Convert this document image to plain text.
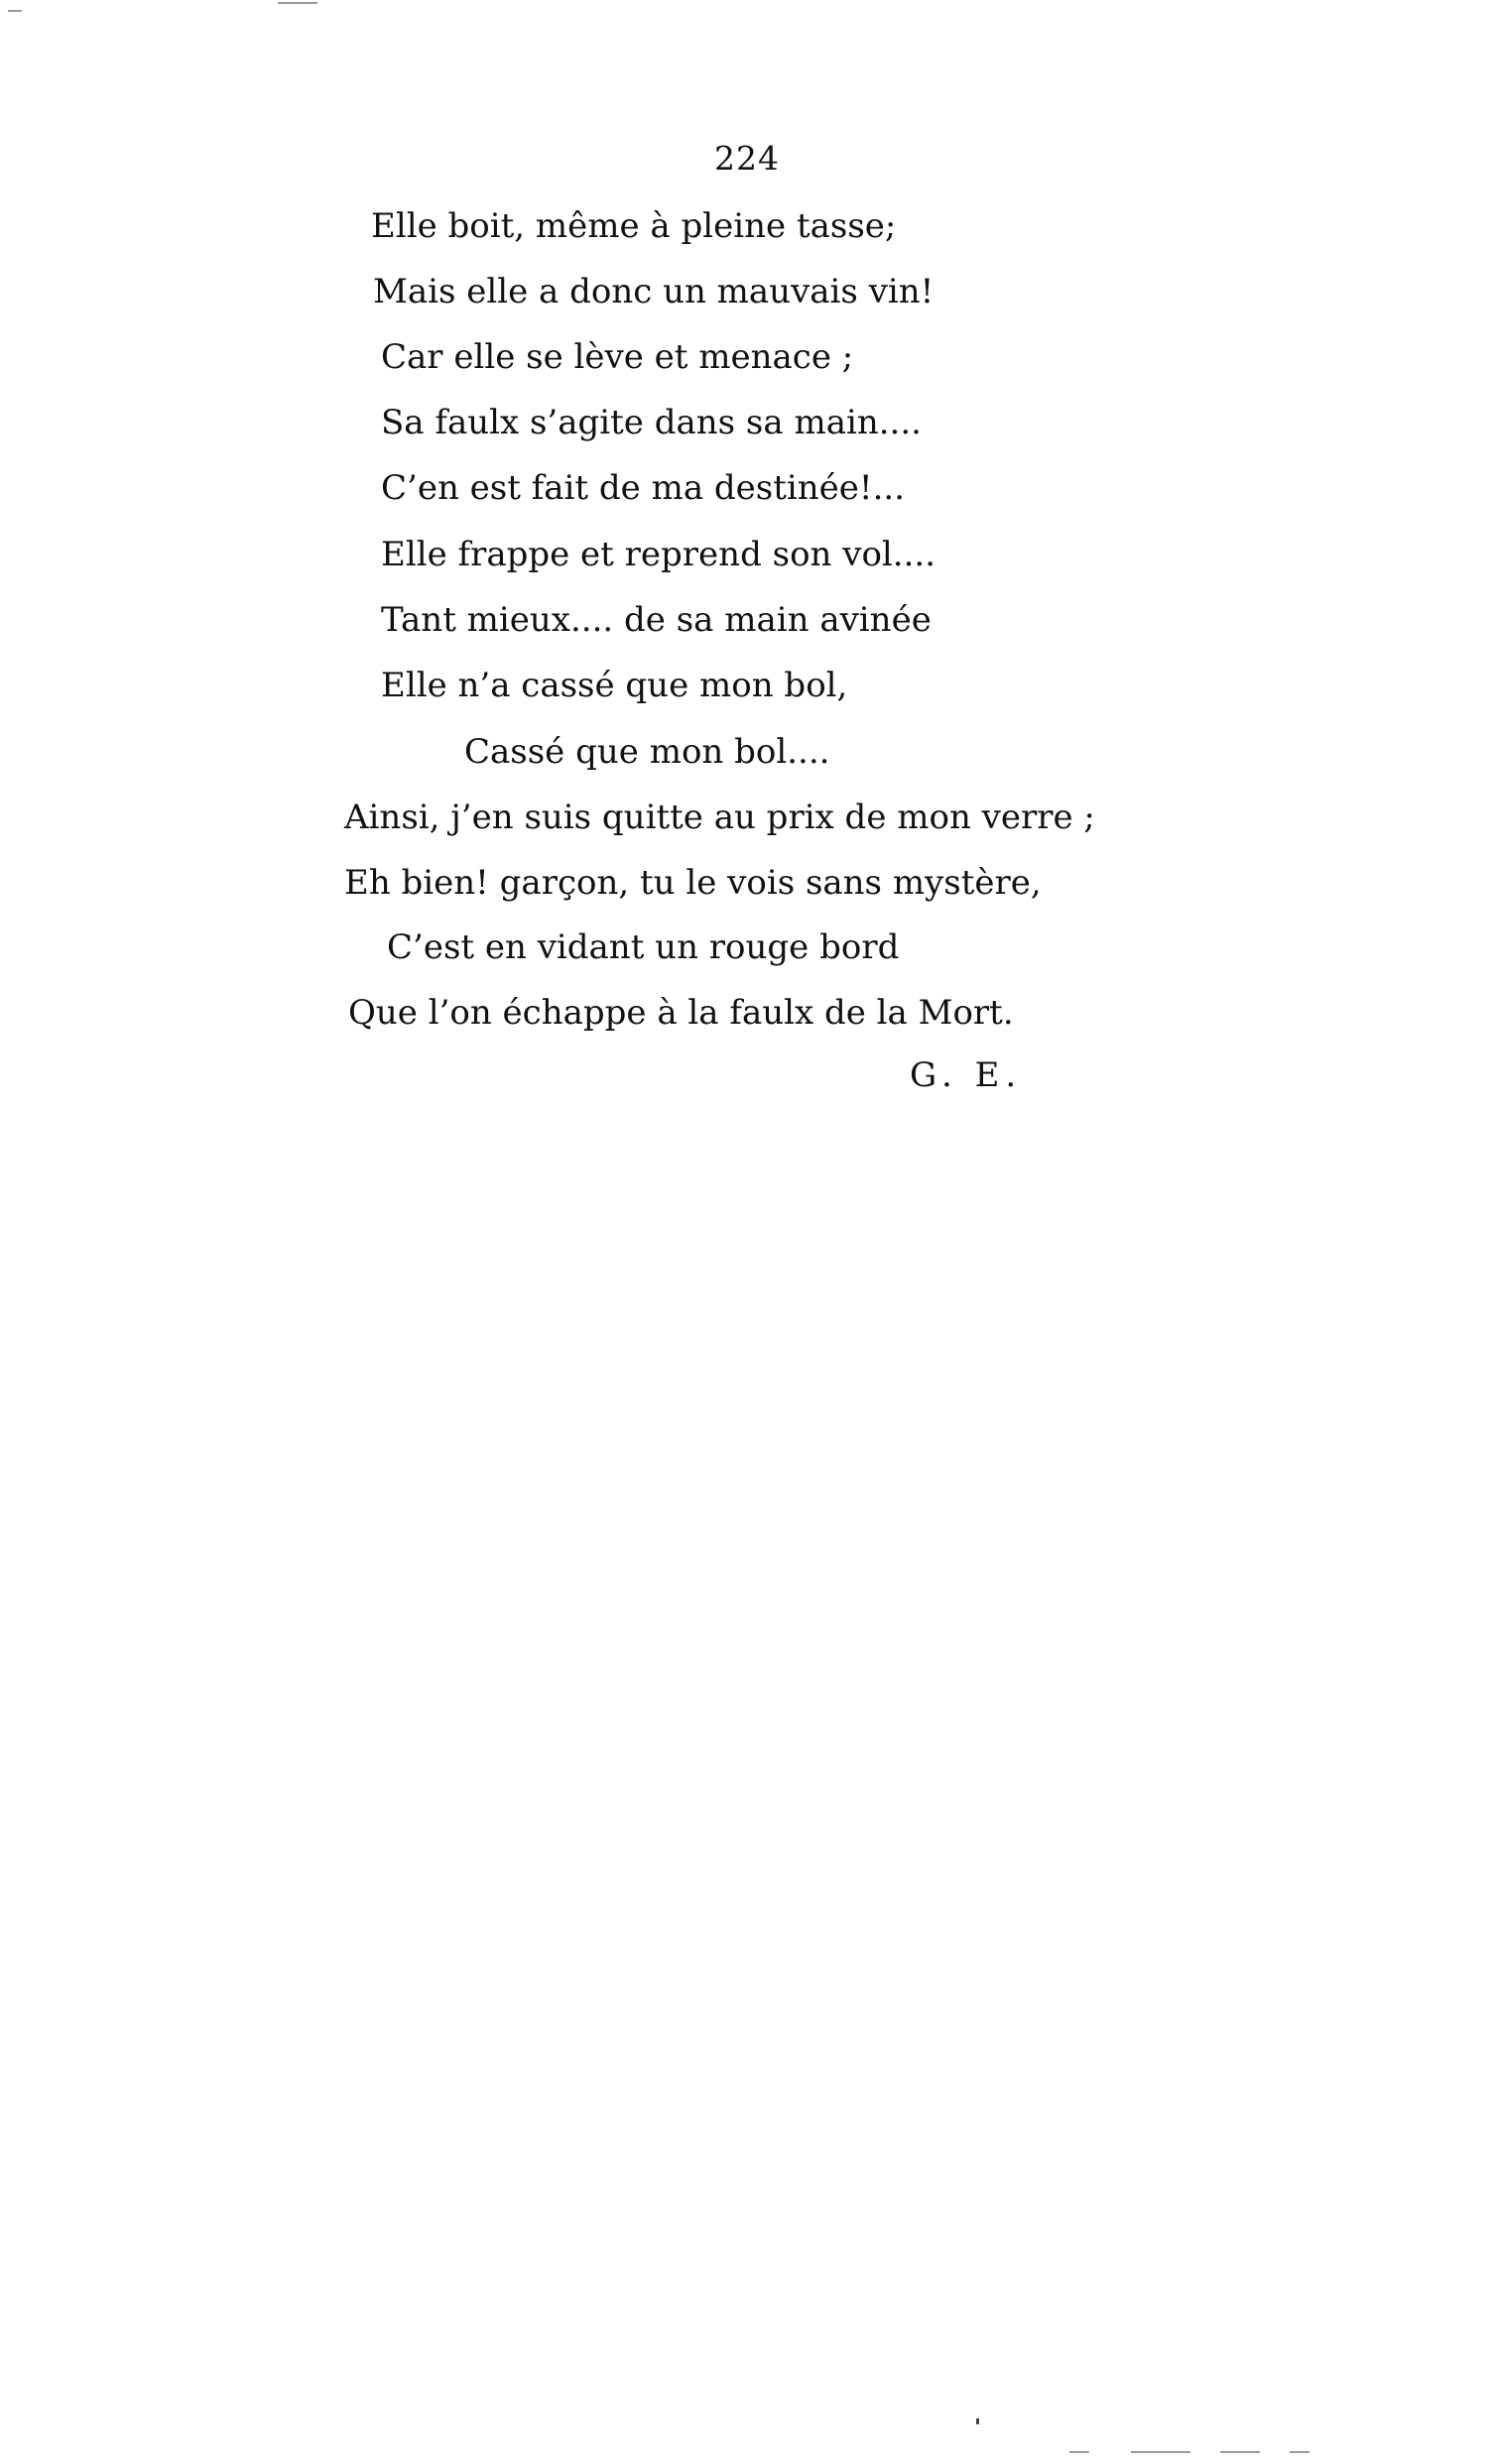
224
Elle boit, même à pleine tasse;
Mais elle a donc un mauvais vin!
Car elle se lève et menace ;
Sa faulx s’agite dans sa main....
C’en est fait de ma destinée!...
Elle frappe et reprend son vol....
Tant mieux.... de sa main avinée
Elle n’a cassé que mon bol,
Cassé que mon bol....
Ainsi, j’en suis quitte au prix de mon verre ;
Eh bien! garçon, tu le vois sans mystère,
C’est en vidant un rouge bord
Que l’on échappe à la faulx de la Mort.
G. E.
